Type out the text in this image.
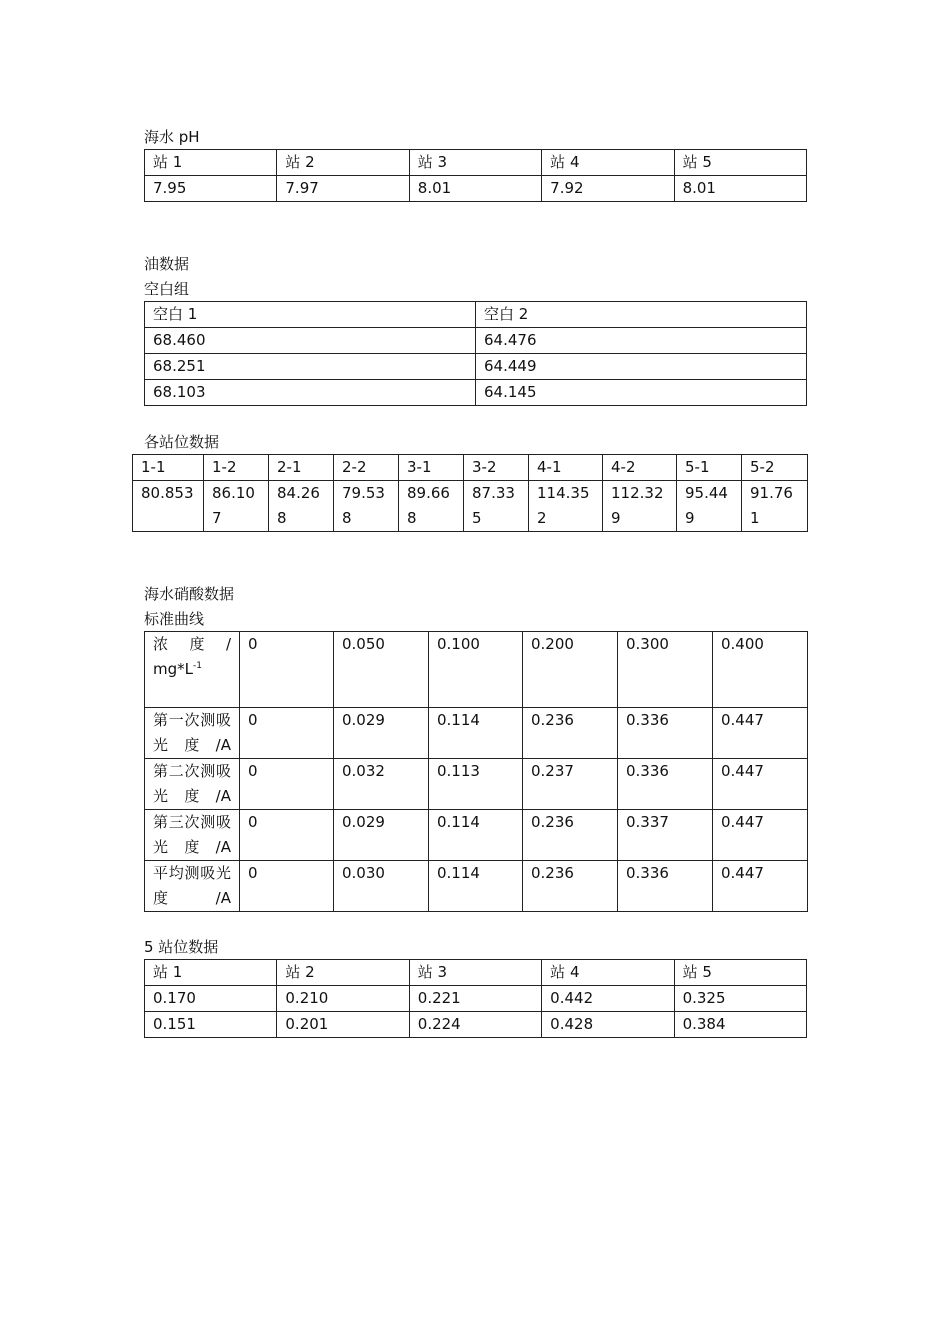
海水 pH
站 1	站 2	站 3	站 4	站 5
7.95	7.97	8.01	7.92	8.01
油数据
空白组
空白 1	空白 2
68.460	64.476
68.251	64.449
68.103	64.145
各站位数据
1-1	1-2	2-1	2-2	3-1	3-2	4-1	4-2	5-1	5-2
80.853	86.107	84.268	79.538	89.668	87.335	114.352	112.329	95.449	91.761
海水硝酸数据
标准曲线
浓 度 /
$mg*L^{-1}$	0	0.050	0.100	0.200	0.300	0.400
第一次测吸光度/A	0	0.029	0.114	0.236	0.336	0.447
第二次测吸光度/A	0	0.032	0.113	0.237	0.336	0.447
第三次测吸光度/A	0	0.029	0.114	0.236	0.337	0.447
平均测吸光度/A	0	0.030	0.114	0.236	0.336	0.447
5 站位数据
站 1	站 2	站 3	站 4	站 5
0.170	0.210	0.221	0.442	0.325
0.151	0.201	0.224	0.428	0.384
